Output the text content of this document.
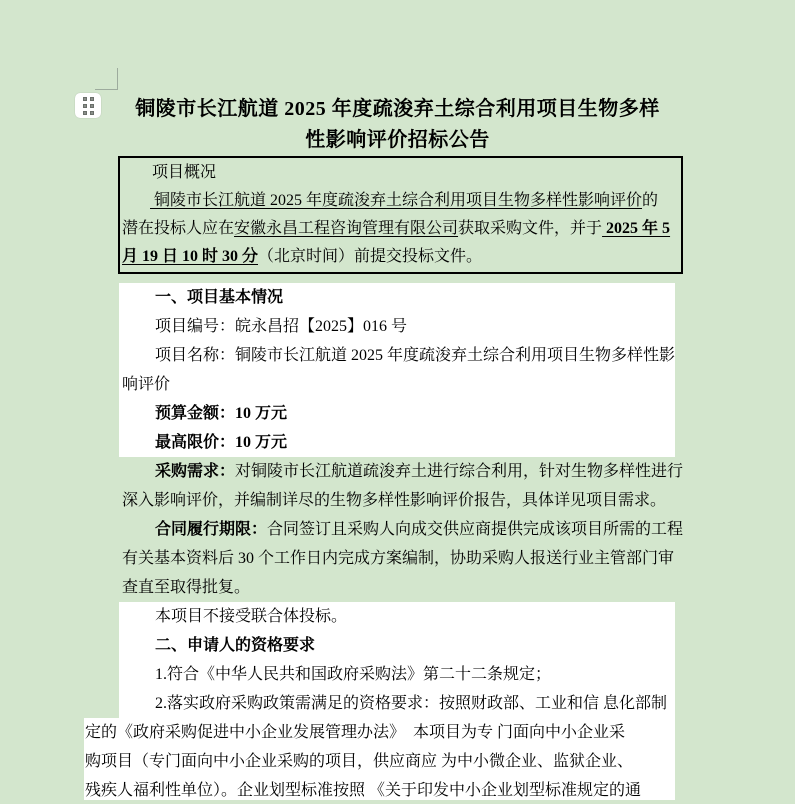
铜陵市长江航道 2025 年度疏浚弃土综合利用项目生物多样
性影响评价招标公告
项目概况
铜陵市长江航道 2025 年度疏浚弃土综合利用项目生物多样性影响评价的
潜在投标人应在安徽永昌工程咨询管理有限公司获取采购文件，并于 2025 年 5
月 19 日 10 时 30 分（北京时间）前提交投标文件。
一、项目基本情况
项目编号：皖永昌招【2025】016 号
项目名称：铜陵市长江航道 2025 年度疏浚弃土综合利用项目生物多样性影
响评价
预算金额：10 万元
最高限价：10 万元
采购需求：对铜陵市长江航道疏浚弃土进行综合利用，针对生物多样性进行
深入影响评价，并编制详尽的生物多样性影响评价报告，具体详见项目需求。
合同履行期限：合同签订且采购人向成交供应商提供完成该项目所需的工程
有关基本资料后 30 个工作日内完成方案编制，协助采购人报送行业主管部门审
查直至取得批复。
本项目不接受联合体投标。
二、申请人的资格要求
1.符合《中华人民共和国政府采购法》第二十二条规定；
2.落实政府采购政策需满足的资格要求：按照财政部、工业和信 息化部制
定的《政府采购促进中小企业发展管理办法》　本项目为专 门面向中小企业采
购项目（专门面向中小企业采购的项目，供应商应 为中小微企业、监狱企业、
残疾人福利性单位）。企业划型标准按照 《关于印发中小企业划型标准规定的通
